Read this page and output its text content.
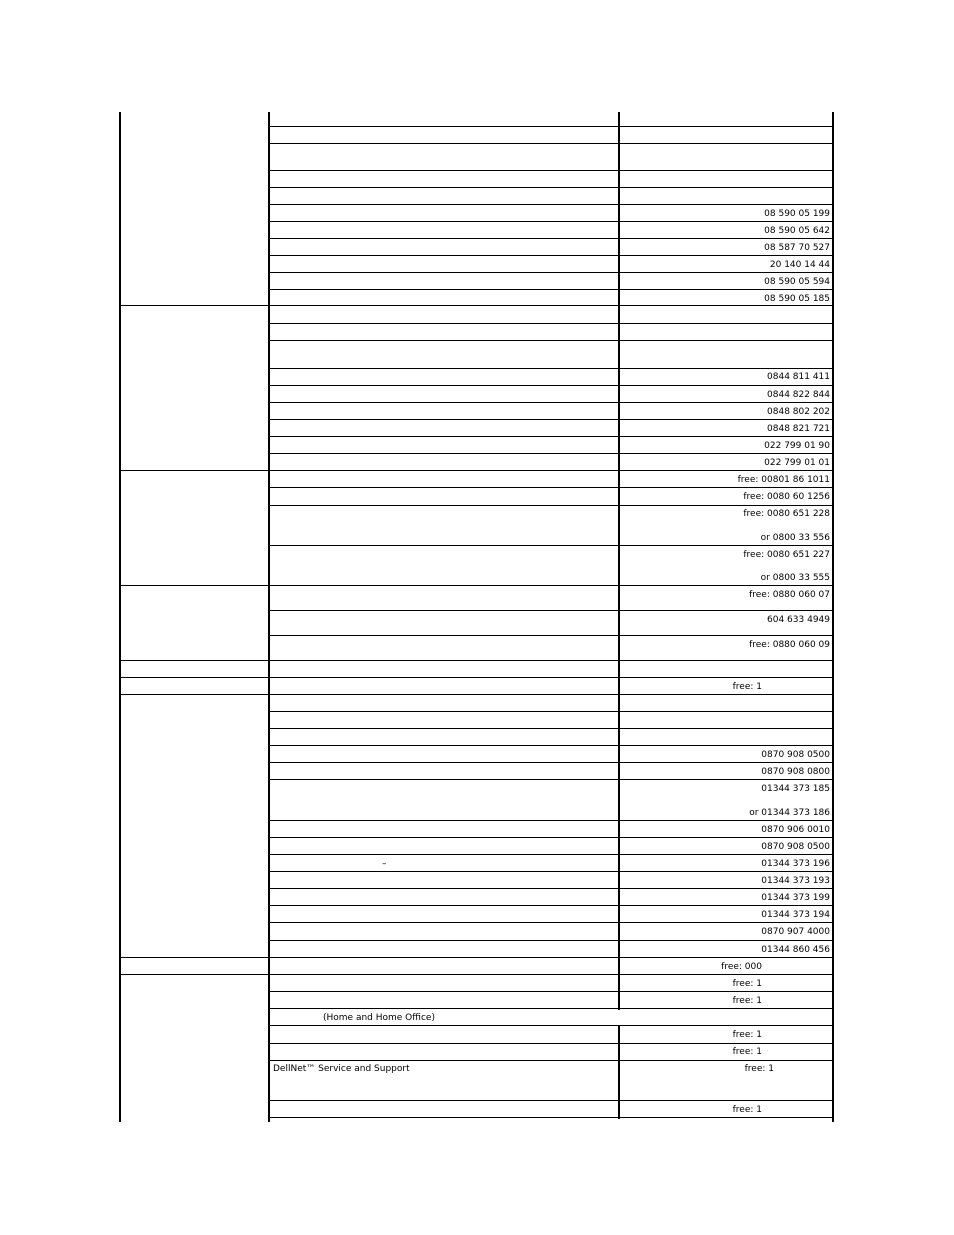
08 590 05 199
08 590 05 642
08 587 70 527
20 140 14 44
08 590 05 594
08 590 05 185
0844 811 411
0844 822 844
0848 802 202
0848 821 721
022 799 01 90
022 799 01 01
free: 00801 86 1011
free: 0080 60 1256
free: 0080 651 228
or 0800 33 556
free: 0080 651 227
or 0800 33 555
free: 0880 060 07
604 633 4949
free: 0880 060 09
free: 1
0870 908 0500
0870 908 0800
01344 373 185
or 01344 373 186
0870 906 0010
0870 908 0500
01344 373 196
01344 373 193
01344 373 199
01344 373 194
0870 907 4000
01344 860 456
free: 000
free: 1
free: 1
free: 1
free: 1
free: 1
free: 1
–
(Home and Home Office)
DellNet™ Service and Support
